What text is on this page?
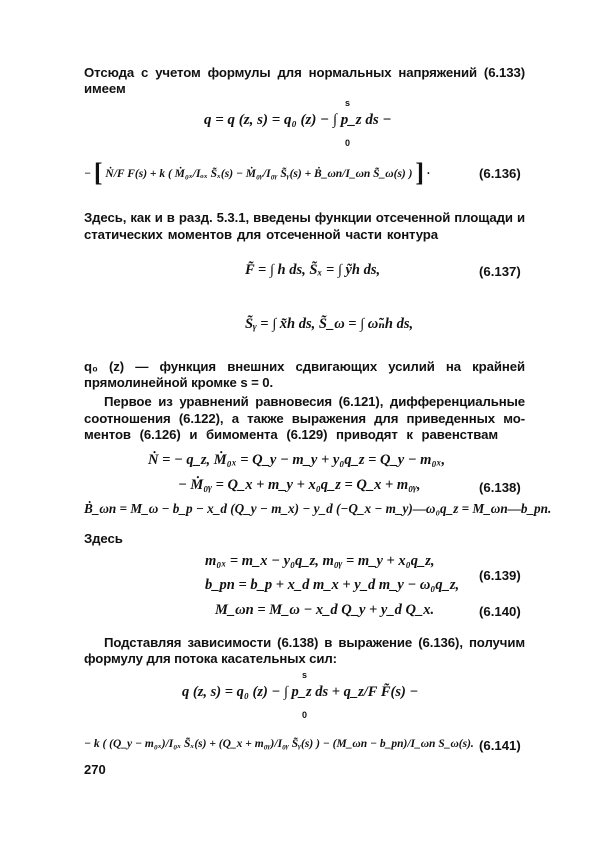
Отсюда с учетом формулы для нормальных напряжений (6.133)
имеем
q = q (z, s) = q₀ (z) − ∫ p_z ds −
s
0
− [ Ṅ/F F(s) + k ( Ṁ₀ₓ/Iₒₓ S̃ₓ(s) − Ṁ₀ᵧ/I₀ᵧ S̃ᵧ(s) + Ḃ_ωп/I_ωп S̃_ω(s) ) ] ·	(6.136)
Здесь, как и в разд. 5.3.1, введены функции отсеченной площади и
статических моментов для отсеченной части контура
F̃ = ∫ h ds, S̃ₓ = ∫ ỹh ds,	(6.137)
S̃ᵧ = ∫ x̃h ds, S̃_ω = ∫ ω̃ₙh ds,
q₀ (z) — функция внешних сдвигающих усилий на крайней
прямолинейной кромке s = 0.
Первое из уравнений равновесия (6.121), дифференциальные
соотношения (6.122), а также выражения для приведенных мо-
ментов (6.126) и бимомента (6.129) приводят к равенствам
Ṅ = − q_z, Ṁ₀ₓ = Q_y − m_y + y₀q_z = Q_y − m₀ₓ,
− Ṁ₀ᵧ = Q_x + m_y + x₀q_z = Q_x + m₀ᵧ,	(6.138)
Ḃ_ωп = M_ω − b_p − x_d (Q_y − m_x) − y_d (−Q_x − m_y)—ω₀q_z = M_ωп—b_pп.
Здесь
m₀ₓ = m_x − y₀q_z, m₀ᵧ = m_y + x₀q_z,
(6.139)
b_pп = b_p + x_d m_x + y_d m_y − ω₀q_z,
M_ωп = M_ω − x_d Q_y + y_d Q_x.	(6.140)
Подставляя зависимости (6.138) в выражение (6.136), получим
формулу для потока касательных сил:
q (z, s) = q₀ (z) − ∫ p_z ds + q_z/F F̃(s) −
s
0
− k ( (Q_y − m₀ₓ)/I₀ₓ S̃ₓ(s) + (Q_x + m₀ᵧ)/I₀ᵧ S̃ᵧ(s) ) − (M_ωп − b_pп)/I_ωп S_ω(s). (6.141)
270
